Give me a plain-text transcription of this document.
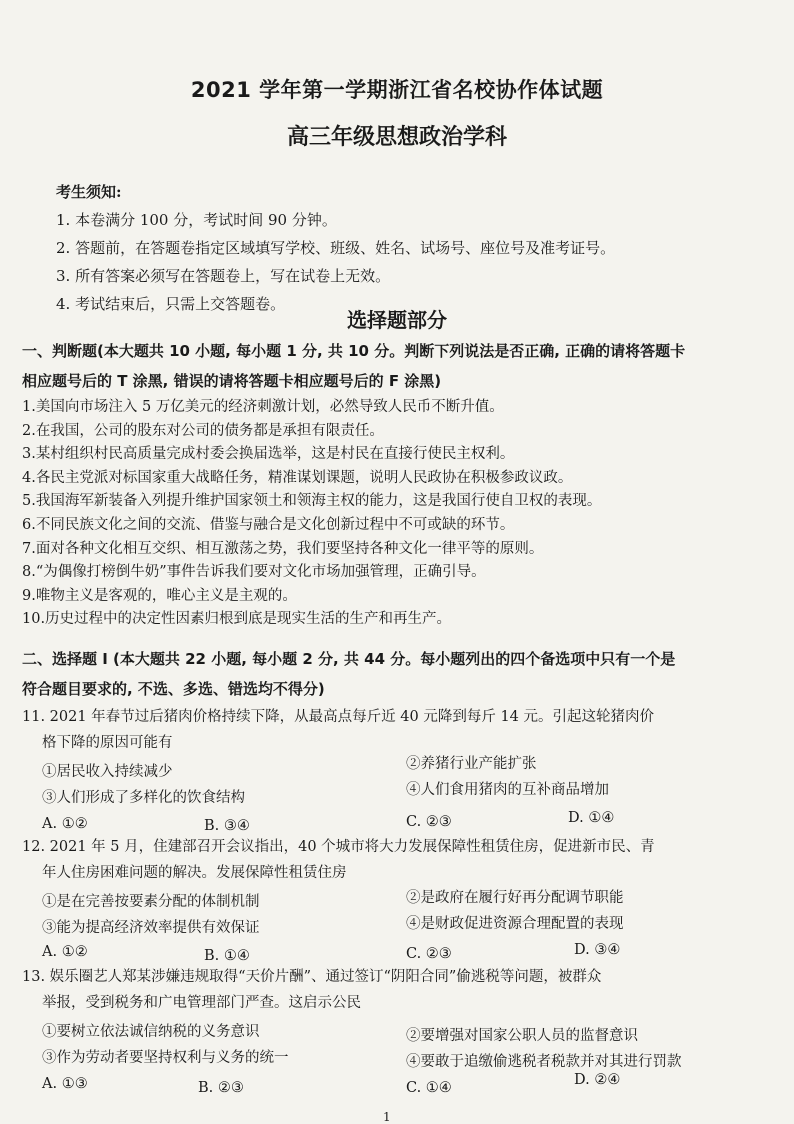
2021 学年第一学期浙江省名校协作体试题
高三年级思想政治学科
考生须知:
1. 本卷满分 100 分，考试时间 90 分钟。
2. 答题前，在答题卷指定区域填写学校、班级、姓名、试场号、座位号及准考证号。
3. 所有答案必须写在答题卷上，写在试卷上无效。
4. 考试结束后，只需上交答题卷。
选择题部分
一、判断题(本大题共 10 小题, 每小题 1 分, 共 10 分。判断下列说法是否正确, 正确的请将答题卡
相应题号后的 T 涂黑, 错误的请将答题卡相应题号后的 F 涂黑)
1.美国向市场注入 5 万亿美元的经济刺激计划，必然导致人民币不断升值。
2.在我国，公司的股东对公司的债务都是承担有限责任。
3.某村组织村民高质量完成村委会换届选举，这是村民在直接行使民主权利。
4.各民主党派对标国家重大战略任务，精准谋划课题，说明人民政协在积极参政议政。
5.我国海军新装备入列提升维护国家领土和领海主权的能力，这是我国行使自卫权的表现。
6.不同民族文化之间的交流、借鉴与融合是文化创新过程中不可或缺的环节。
7.面对各种文化相互交织、相互激荡之势，我们要坚持各种文化一律平等的原则。
8.“为偶像打榜倒牛奶”事件告诉我们要对文化市场加强管理，正确引导。
9.唯物主义是客观的，唯心主义是主观的。
10.历史过程中的决定性因素归根到底是现实生活的生产和再生产。
二、选择题 I (本大题共 22 小题, 每小题 2 分, 共 44 分。每小题列出的四个备选项中只有一个是
符合题目要求的, 不选、多选、错选均不得分)
11. 2021 年春节过后猪肉价格持续下降，从最高点每斤近 40 元降到每斤 14 元。引起这轮猪肉价
格下降的原因可能有
①居民收入持续减少	②养猪行业产能扩张
③人们形成了多样化的饮食结构	④人们食用猪肉的互补商品增加
A. ①②	B. ③④	C. ②③	D. ①④
12. 2021 年 5 月，住建部召开会议指出，40 个城市将大力发展保障性租赁住房，促进新市民、青
年人住房困难问题的解决。发展保障性租赁住房
①是在完善按要素分配的体制机制	②是政府在履行好再分配调节职能
③能为提高经济效率提供有效保证	④是财政促进资源合理配置的表现
A. ①②	B. ①④	C. ②③	D. ③④
13. 娱乐圈艺人郑某涉嫌违规取得“天价片酬”、通过签订“阴阳合同”偷逃税等问题，被群众
举报，受到税务和广电管理部门严查。这启示公民
①要树立依法诚信纳税的义务意识	②要增强对国家公职人员的监督意识
③作为劳动者要坚持权利与义务的统一	④要敢于追缴偷逃税者税款并对其进行罚款
A. ①③	B. ②③	C. ①④	D. ②④
1
